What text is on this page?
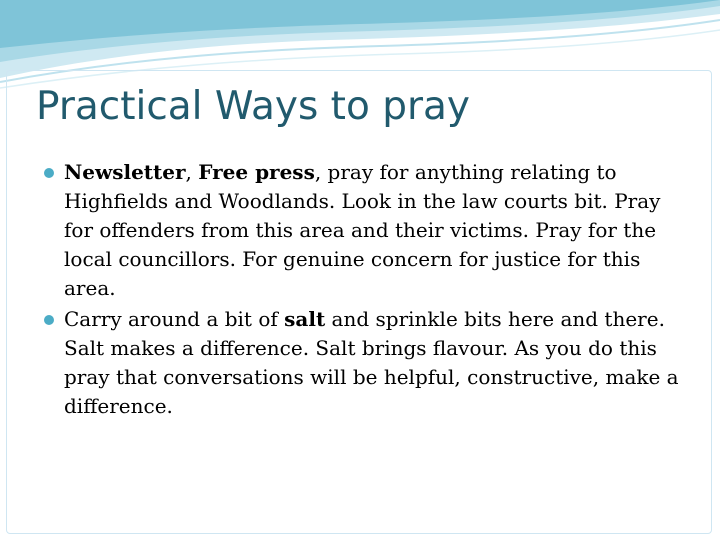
Practical Ways to pray
Newsletter, Free press, pray for anything relating to Highfields and Woodlands. Look in the law courts bit. Pray for offenders from this area and their victims. Pray for the local councillors. For genuine concern for justice for this area.
Carry around a bit of salt and sprinkle bits here and there. Salt makes a difference. Salt brings flavour. As you do this pray that conversations will be helpful, constructive, make a difference.
